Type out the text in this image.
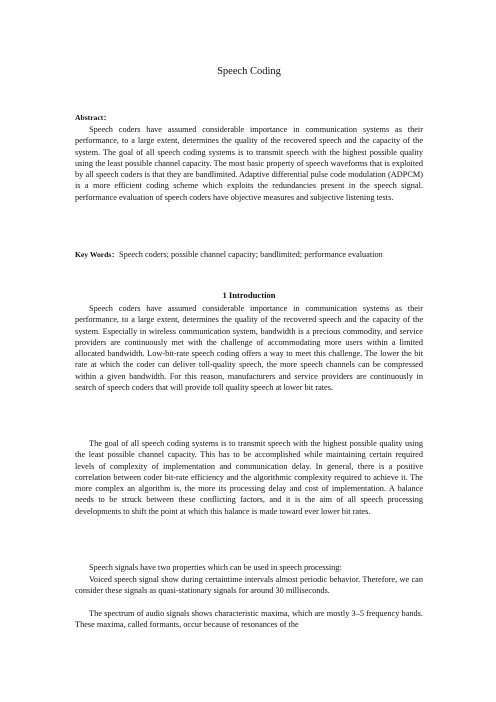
Speech Coding
Abstract：

Speech coders have assumed considerable importance in communication systems as their performance, to a large extent, determines the quality of the recovered speech and the capacity of the system. The goal of all speech coding systems is to transmit speech with the highest possible quality using the least possible channel capacity. The most basic property of speech waveforms that is exploited by all speech coders is that they are bandlimited. Adaptive differential pulse code modulation (ADPCM) is a more efficient coding scheme which exploits the redundancies present in the speech signal. performance evaluation of speech coders have objective measures and subjective listening tests.

Key Words：Speech coders; possible channel capacity; bandlimited; performance evaluation

1 Introduction

Speech coders have assumed considerable importance in communication systems as their performance, to a large extent, determines the quality of the recovered speech and the capacity of the system. Especially in wireless communication system, bandwidth is a precious commodity, and service providers are continuously met with the challenge of accommodating more users within a limited allocated bandwidth. Low-bit-rate speech coding offers a way to meet this challenge. The lower the bit rate at which the coder can deliver toll-quality speech, the more speech channels can be compressed within a given bandwidth. For this reason, manufacturers and service providers are continuously in search of speech coders that will provide toll quality speech at lower bit rates.

The goal of all speech coding systems is to transmit speech with the highest possible quality using the least possible channel capacity. This has to be accomplished while maintaining certain required levels of complexity of implementation and communication delay. In general, there is a positive correlation between coder bit-rate efficiency and the algorithmic complexity required to achieve it. The more complex an algorithm is, the more its processing delay and cost of implementation. A balance needs to be struck between these conflicting factors, and it is the aim of all speech processing developments to shift the point at which this balance is made toward ever lower bit rates.

Speech signals have two properties which can be used in speech processing:

Voiced speech signal show during certaintime intervals almost periodic behavior. Therefore, we can consider these signals as quasi-stationary signals for around 30 milliseconds.

The spectrum of audio signals shows characteristic maxima, which are mostly 3–5 frequency bands. These maxima, called formants, occur because of resonances of the
